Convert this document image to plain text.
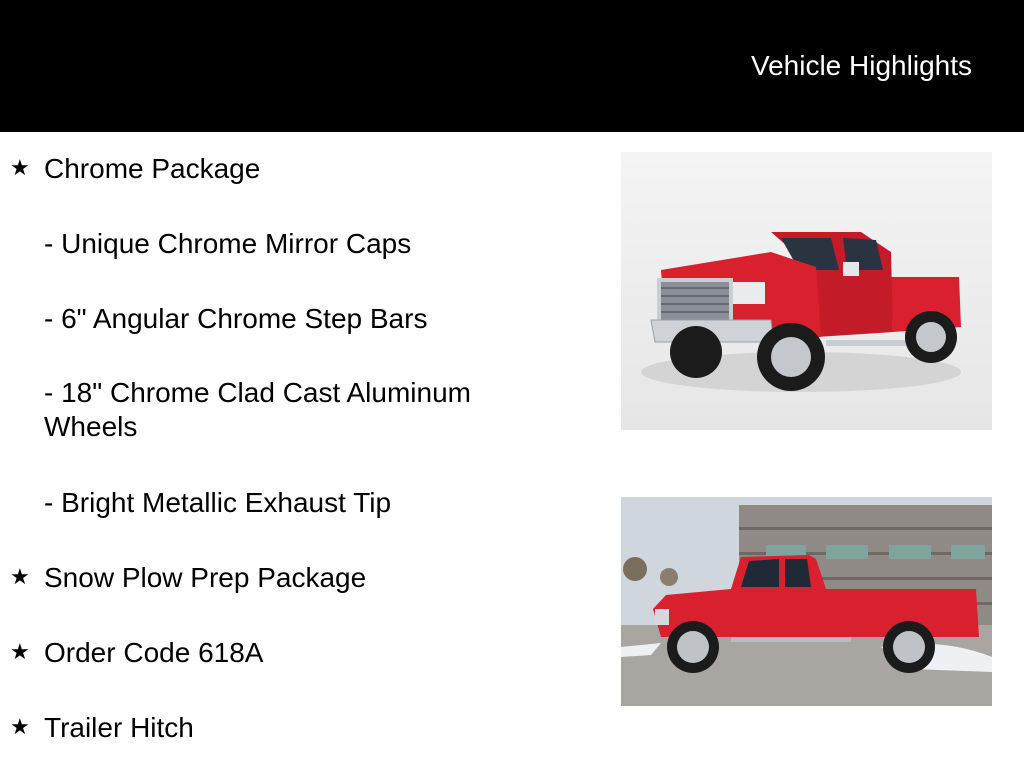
Vehicle Highlights
★ Chrome Package
- Unique Chrome Mirror Caps
- 6" Angular Chrome Step Bars
- 18" Chrome Clad Cast Aluminum Wheels
- Bright Metallic Exhaust Tip
★ Snow Plow Prep Package
★ Order Code 618A
★ Trailer Hitch
